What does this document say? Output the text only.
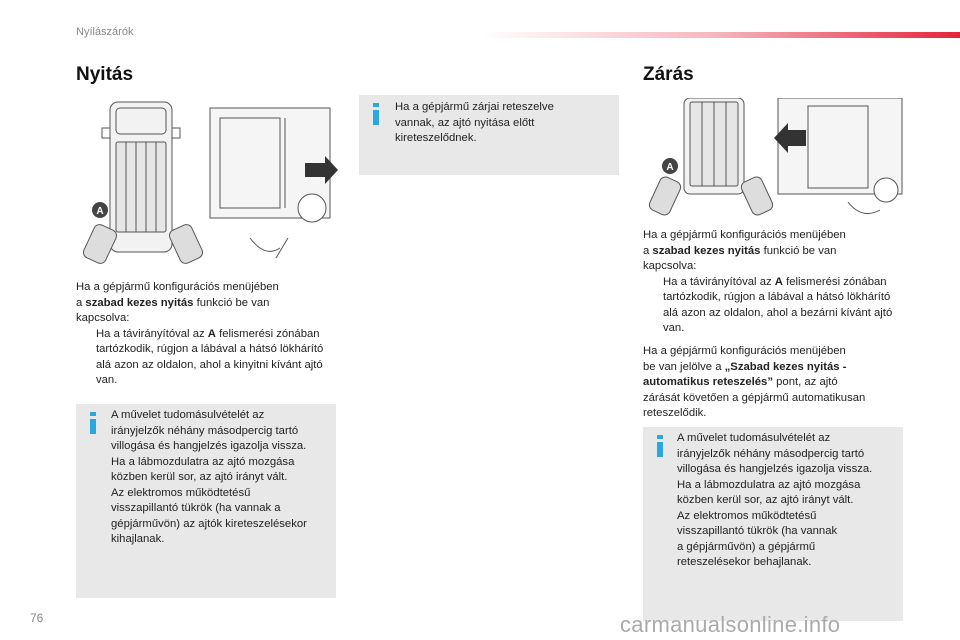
Nyílászárók
Nyitás
A

Ha a gépjármű konfigurációs menüjében

a szabad kezes nyitás funkció be van

kapcsolva:

Ha a távirányítóval az A felismerési zónában tartózkodik, rúgjon a lábával a hátsó lökhárító alá azon az oldalon, ahol a kinyitni kívánt ajtó van.
A művelet tudomásulvételét az
irányjelzők néhány másodpercig tartó
villogása és hangjelzés igazolja vissza.
Ha a lábmozdulatra az ajtó mozgása
közben kerül sor, az ajtó irányt vált.
Az elektromos működtetésű
visszapillantó tükrök (ha vannak a
gépjárművön) az ajtók kireteszelésekor
kihajlanak.
Ha a gépjármű zárjai reteszelve
vannak, az ajtó nyitása előtt
kireteszelődnek.
Zárás
A

Ha a gépjármű konfigurációs menüjében

a szabad kezes nyitás funkció be van

kapcsolva:

Ha a távirányítóval az A felismerési zónában tartózkodik, rúgjon a lábával a hátsó lökhárító alá azon az oldalon, ahol a bezárni kívánt ajtó van.

Ha a gépjármű konfigurációs menüjében

be van jelölve a „Szabad kezes nyitás -

automatikus reteszelés” pont, az ajtó

zárását követően a gépjármű automatikusan

reteszelődik.

A művelet tudomásulvételét az
irányjelzők néhány másodpercig tartó
villogása és hangjelzés igazolja vissza.
Ha a lábmozdulatra az ajtó mozgása
közben kerül sor, az ajtó irányt vált.
Az elektromos működtetésű
visszapillantó tükrök (ha vannak
a gépjárművön) a gépjármű
reteszelésekor behajlanak.
76	carmanualsonline.info
